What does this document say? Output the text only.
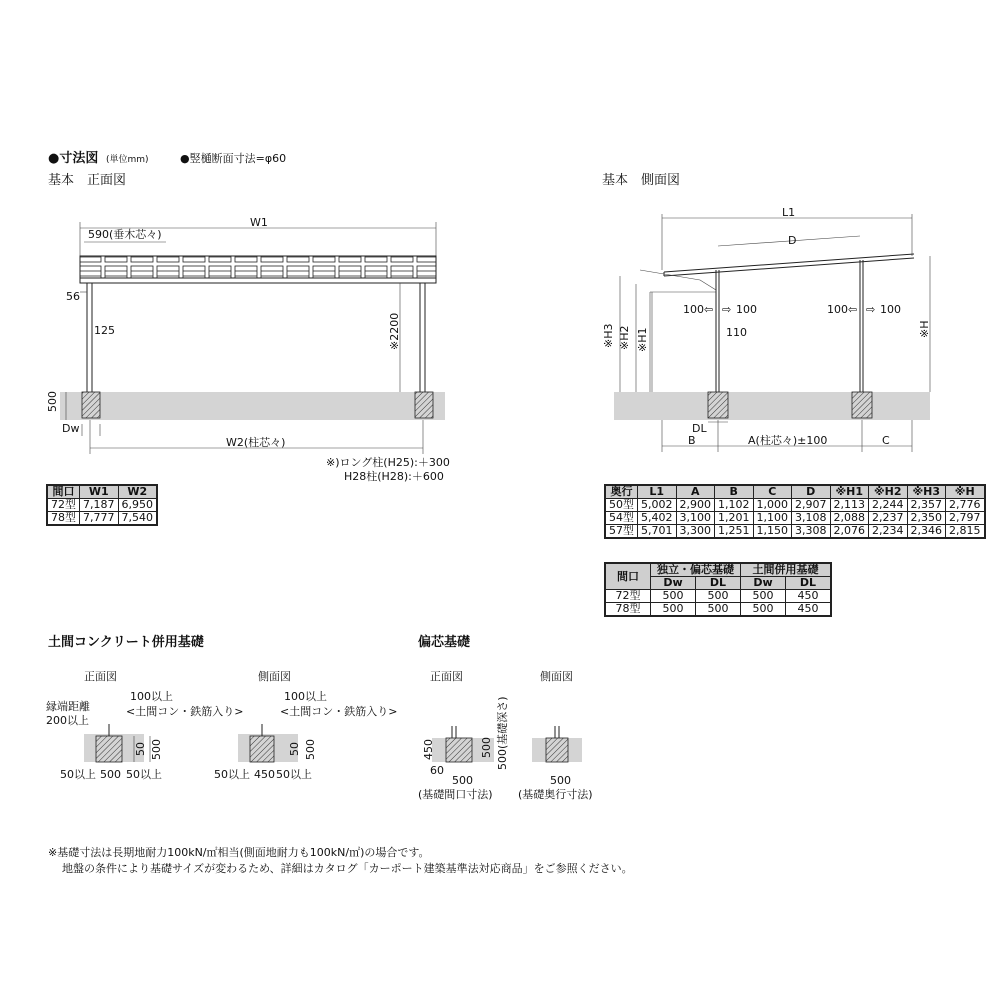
●寸法図 (単位mm)	●竪樋断面寸法=φ60
基本　正面図
W1
590(垂木芯々)
56
125	※2200
500
Dw
W2(柱芯々)
※)ロング柱(H25):＋300
H28柱(H28):＋600
基本　側面図
L1
D
※H3 ※H2 ※H1	※H
100 ⇦ ⇨ 100	100 ⇦ ⇨ 100
110
DL
B	A(柱芯々)±100	C
土間コンクリート併用基礎
正面図	側面図
縁端距離
200以上
100以上
<土間コン・鉄筋入り>
50 500
50以上 500 50以上
100以上
<土間コン・鉄筋入り>
50 500
50以上 450 50以上
偏芯基礎
正面図	側面図
450
60
500 500(基礎深さ)
500
(基礎間口寸法)
500
(基礎奥行寸法)
※基礎寸法は長期地耐力100kN/㎡相当(側面地耐力も100kN/㎡)の場合です。
地盤の条件により基礎サイズが変わるため、詳細はカタログ「カーポート建築基準法対応商品」をご参照ください。
間口	W1	W2
72型	7,187	6,950
78型	7,777	7,540
奥行	L1	A	B	C	D	※H1	※H2	※H3	※H
50型	5,002	2,900	1,102	1,000	2,907	2,113	2,244	2,357	2,776
54型	5,402	3,100	1,201	1,100	3,108	2,088	2,237	2,350	2,797
57型	5,701	3,300	1,251	1,150	3,308	2,076	2,234	2,346	2,815
間口	独立・偏芯基礎		土間併用基礎	
	Dw	DL	Dw	DL
72型	500	500	500	450
78型	500	500	500	450
